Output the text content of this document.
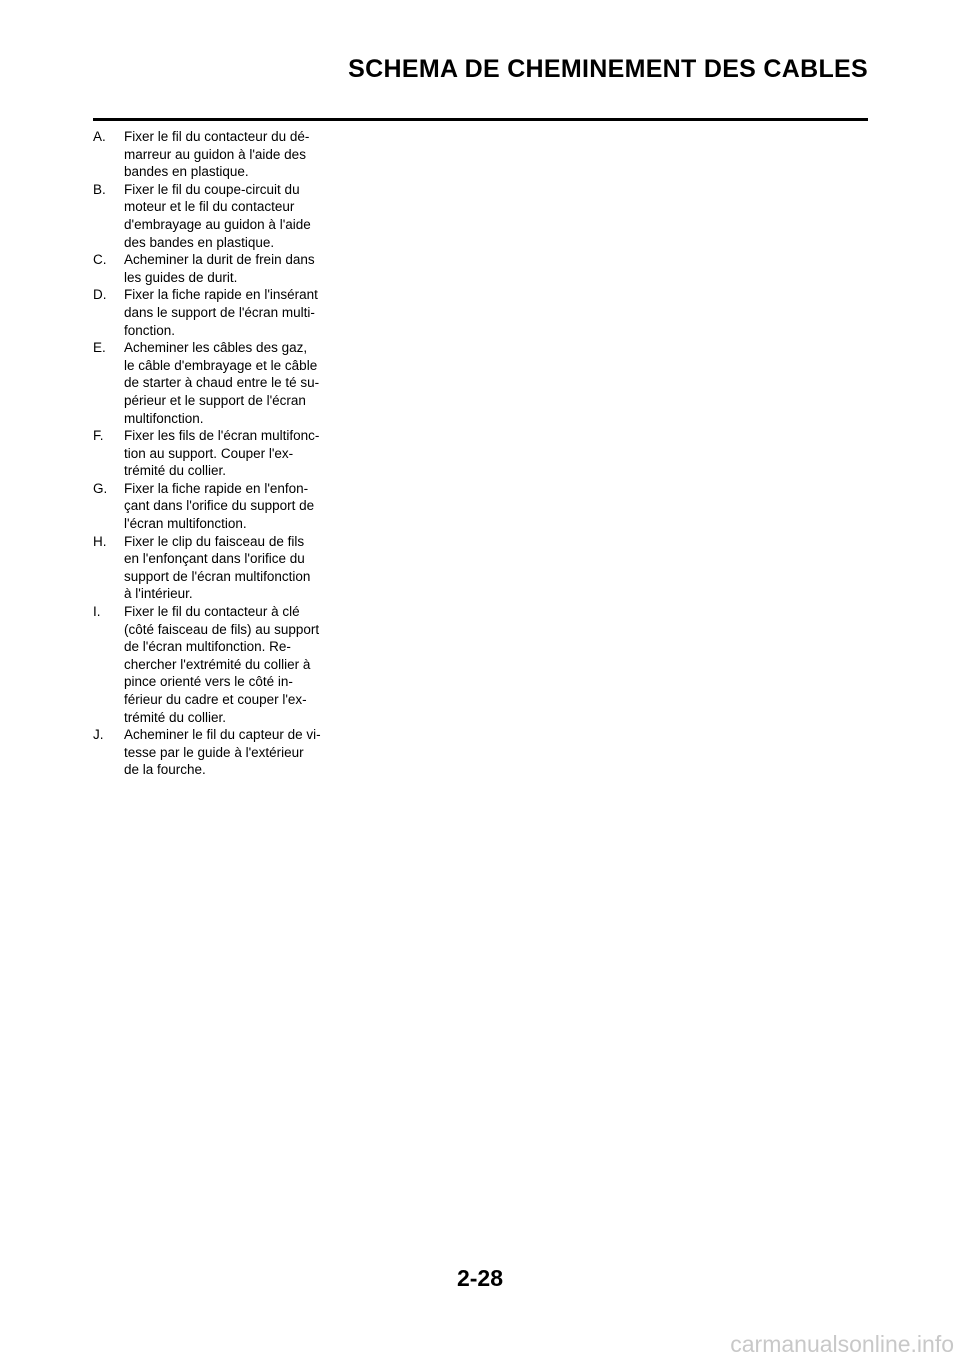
SCHEMA DE CHEMINEMENT DES CABLES
A. Fixer le fil du contacteur du dé-
marreur au guidon à l'aide des
bandes en plastique.
B. Fixer le fil du coupe-circuit du
moteur et le fil du contacteur
d'embrayage au guidon à l'aide
des bandes en plastique.
C. Acheminer la durit de frein dans
les guides de durit.
D. Fixer la fiche rapide en l'insérant
dans le support de l'écran multi-
fonction.
E. Acheminer les câbles des gaz,
le câble d'embrayage et le câble
de starter à chaud entre le té su-
périeur et le support de l'écran
multifonction.
F. Fixer les fils de l'écran multifonc-
tion au support. Couper l'ex-
trémité du collier.
G. Fixer la fiche rapide en l'enfon-
çant dans l'orifice du support de
l'écran multifonction.
H. Fixer le clip du faisceau de fils
en l'enfonçant dans l'orifice du
support de l'écran multifonction
à l'intérieur.
I. Fixer le fil du contacteur à clé
(côté faisceau de fils) au support
de l'écran multifonction. Re-
chercher l'extrémité du collier à
pince orienté vers le côté in-
férieur du cadre et couper l'ex-
trémité du collier.
J. Acheminer le fil du capteur de vi-
tesse par le guide à l'extérieur
de la fourche.
2-28
carmanualsonline.info
